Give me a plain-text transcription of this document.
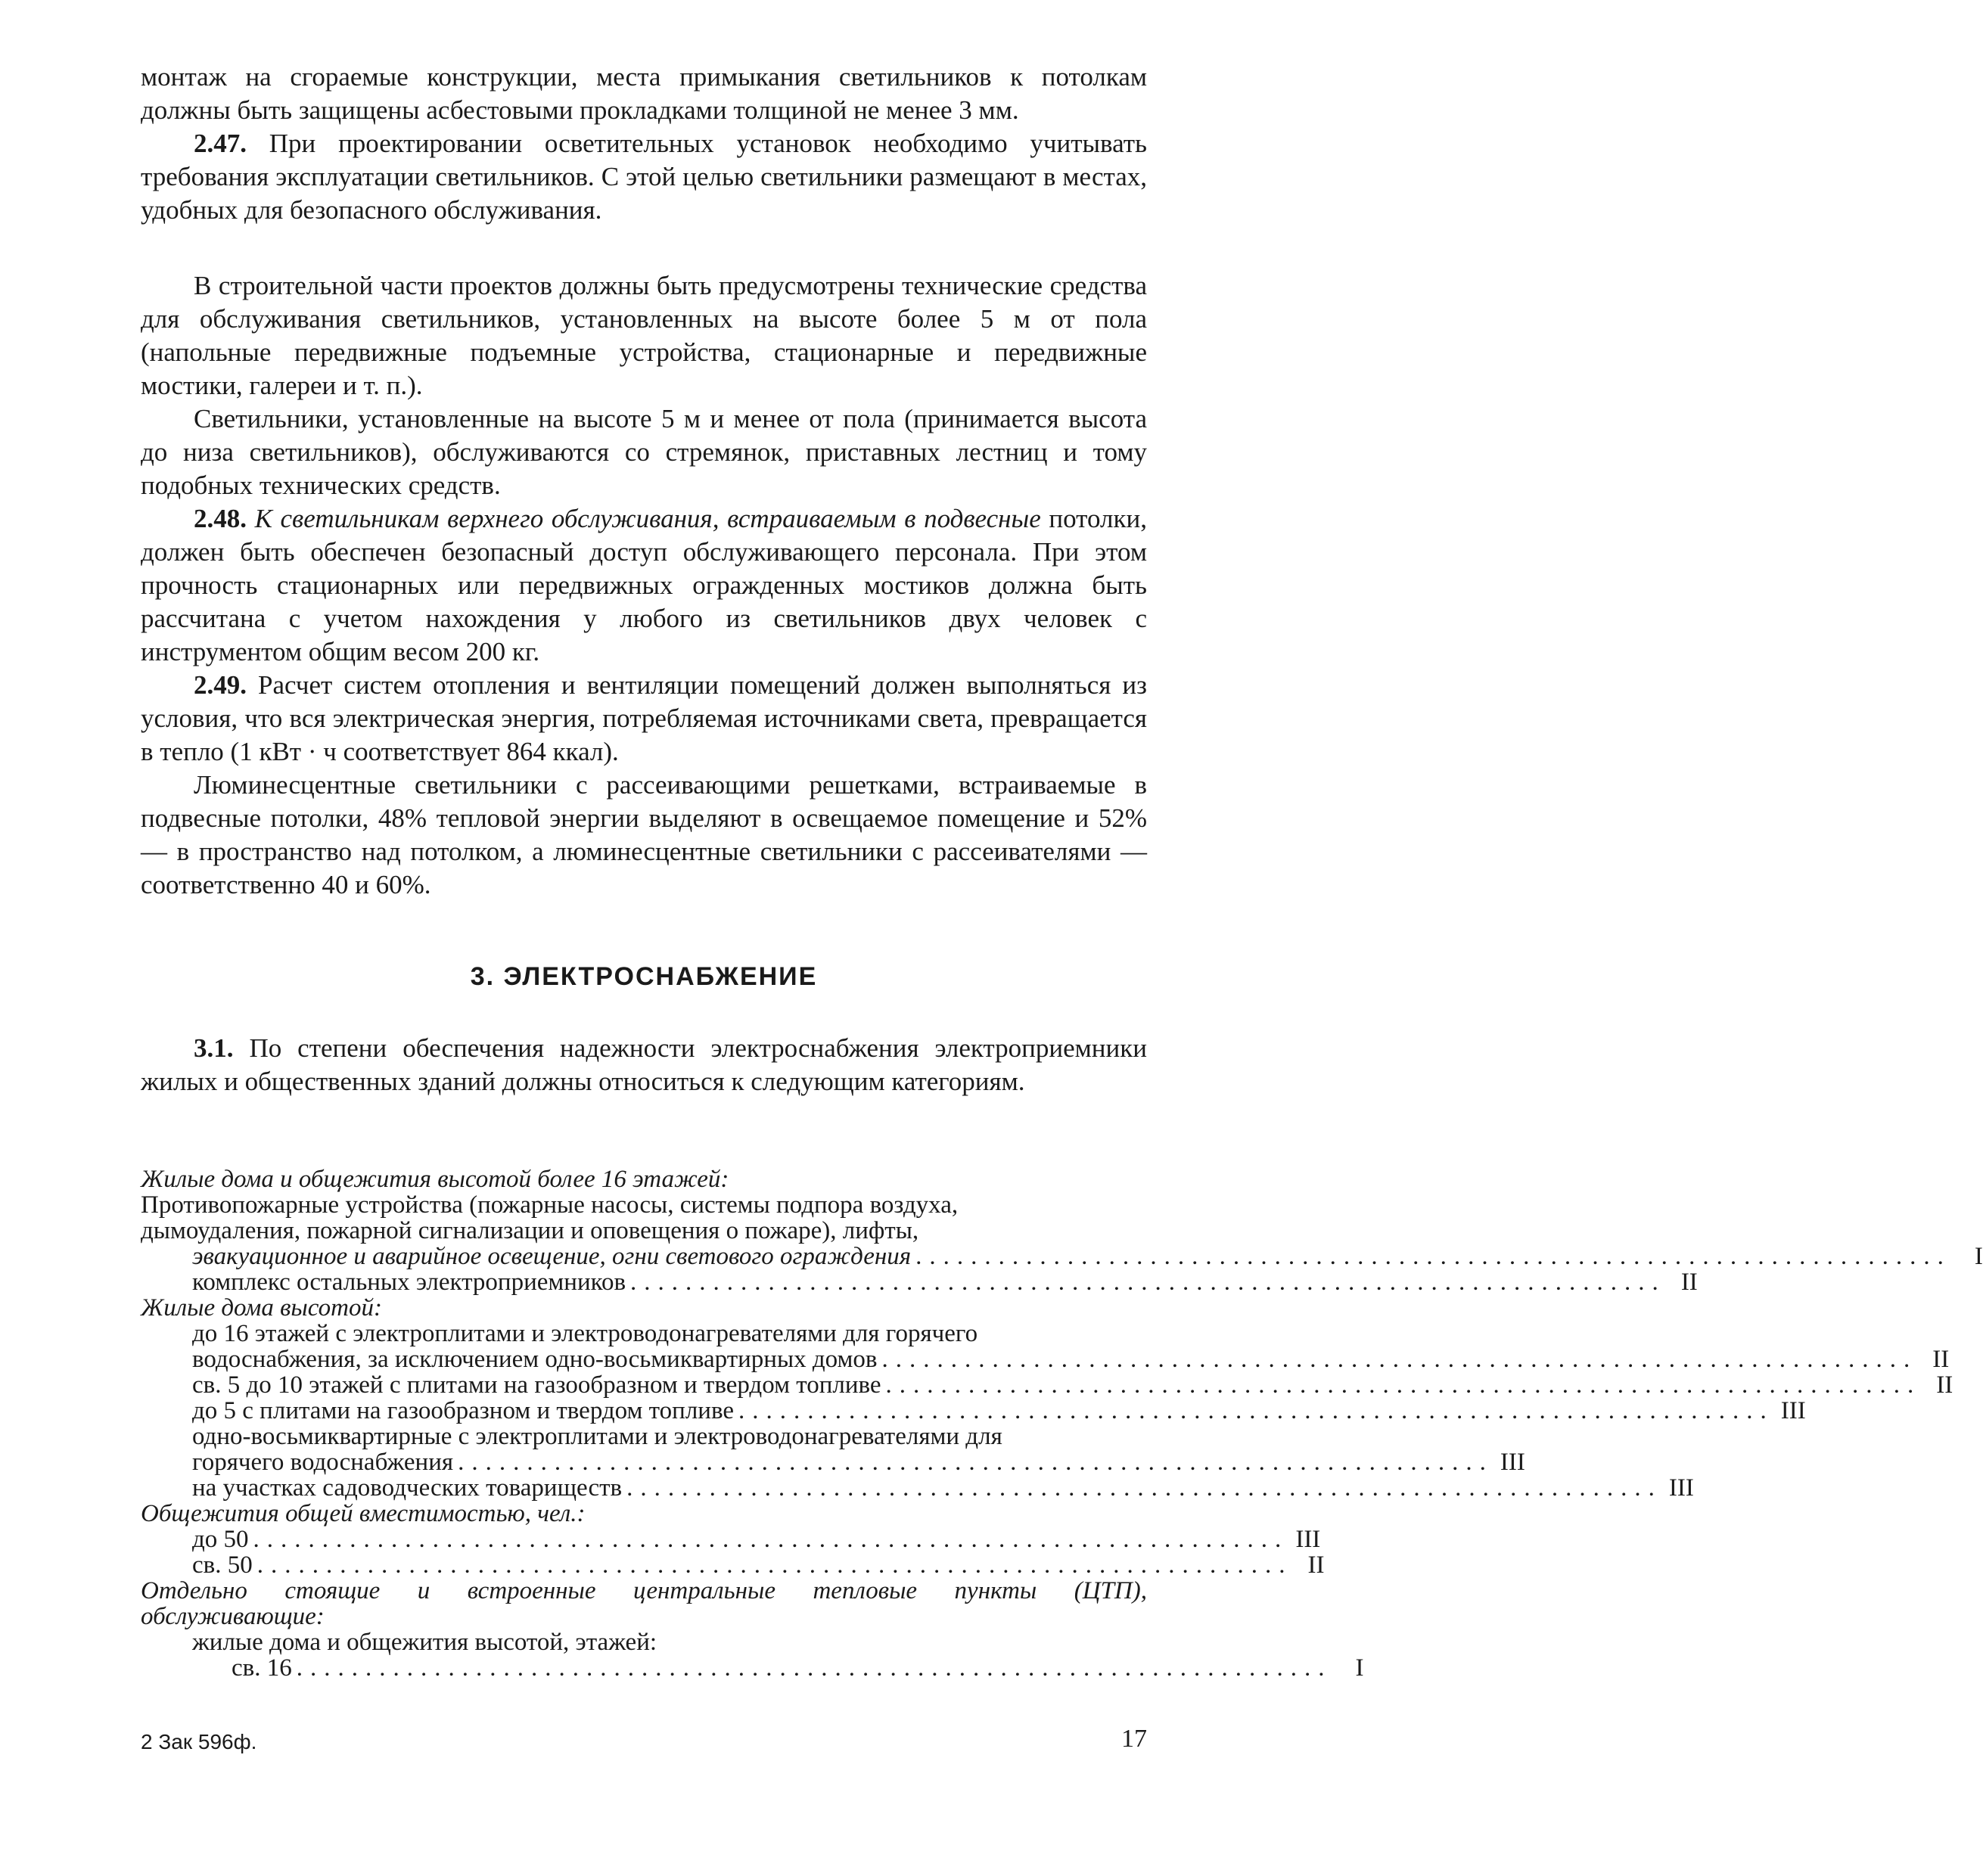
монтаж на сгораемые конструкции, места примыкания светильников к потолкам должны быть защищены асбестовыми прокладками толщиной не менее 3 мм.

2.47. При проектировании осветительных установок необходимо учитывать требования эксплуатации светильников. С этой целью светильники размещают в местах, удобных для безопасного обслуживания.

В строительной части проектов должны быть предусмотрены технические средства для обслуживания светильников, установленных на высоте более 5 м от пола (напольные передвижные подъемные устройства, стационарные и передвижные мостики, галереи и т. п.).

Светильники, установленные на высоте 5 м и менее от пола (принимается высота до низа светильников), обслуживаются со стремянок, приставных лестниц и тому подобных технических средств.

2.48. К светильникам верхнего обслуживания, встраиваемым в подвесные потолки, должен быть обеспечен безопасный доступ обслуживающего персонала. При этом прочность стационарных или передвижных огражденных мостиков должна быть рассчитана с учетом нахождения у любого из светильников двух человек с инструментом общим весом 200 кг.

2.49. Расчет систем отопления и вентиляции помещений должен выполняться из условия, что вся электрическая энергия, потребляемая источниками света, превращается в тепло (1 кВт · ч соответствует 864 ккал).

Люминесцентные светильники с рассеивающими решетками, встраиваемые в подвесные потолки, 48% тепловой энергии выделяют в освещаемое помещение и 52% — в пространство над потолком, а люминесцентные светильники с рассеивателями — соответственно 40 и 60%.

3. ЭЛЕКТРОСНАБЖЕНИЕ

3.1. По степени обеспечения надежности электроснабжения электроприемники жилых и общественных зданий должны относиться к следующим категориям.

Жилые дома и общежития высотой более 16 этажей:
Противопожарные устройства (пожарные насосы, системы подпора воздуха,
дымоудаления, пожарной сигнализации и оповещения о пожаре), лифты,
эвакуационное и аварийное освещение, огни светового ограждения ........................................................................... I
комплекс остальных электроприемников ........................................................................... II
Жилые дома высотой:
до 16 этажей с электроплитами и электроводонагревателями для горячего
водоснабжения, за исключением одно-восьмиквартирных домов ........................................................................... II
св. 5 до 10 этажей с плитами на газообразном и твердом топливе ........................................................................... II
до 5 с плитами на газообразном и твердом топливе ........................................................................... III
одно-восьмиквартирные с электроплитами и электроводонагревателями для
горячего водоснабжения ........................................................................... III
на участках садоводческих товариществ ........................................................................... III
Общежития общей вместимостью, чел.:
до 50 ........................................................................... III
св. 50 ........................................................................... II
Отдельно стоящие и встроенные центральные тепловые пункты (ЦТП),
обслуживающие:
жилые дома и общежития высотой, этажей:
св. 16 ........................................................................... I
2 Зак 596ф.	17
